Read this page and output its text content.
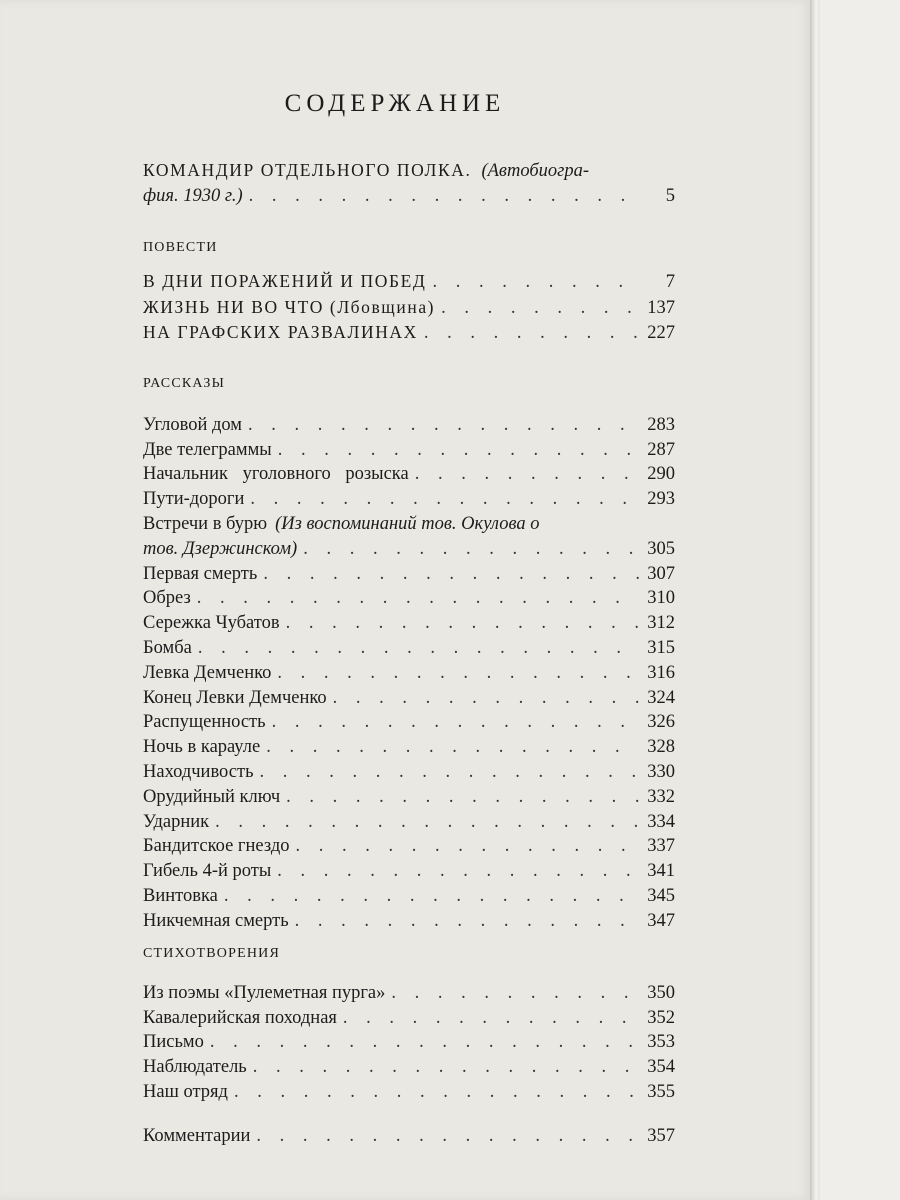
СОДЕРЖАНИЕ
КОМАНДИР ОТДЕЛЬНОГО ПОЛКА. (Автобиогра-
фия. 1930 г.) . . .	5
ПОВЕСТИ
В ДНИ ПОРАЖЕНИЙ И ПОБЕД . . .	7
ЖИЗНЬ НИ ВО ЧТО (Лбовщина) . . .	137
НА ГРАФСКИХ РАЗВАЛИНАХ . . .	227
РАССКАЗЫ
Угловой дом . . .	283
Две телеграммы . . .	287
Начальник уголовного розыска . . .	290
Пути-дороги . . .	293
Встречи в бурю (Из воспоминаний тов. Окулова о
тов. Дзержинском) . . .	305
Первая смерть . . .	307
Обрез . . .	310
Сережка Чубатов . . .	312
Бомба . . .	315
Левка Демченко . . .	316
Конец Левки Демченко . . .	324
Распущенность . . .	326
Ночь в карауле . . .	328
Находчивость . . .	330
Орудийный ключ . . .	332
Ударник . . .	334
Бандитское гнездо . . .	337
Гибель 4-й роты . . .	341
Винтовка . . .	345
Никчемная смерть . . .	347
СТИХОТВОРЕНИЯ
Из поэмы «Пулеметная пурга» . . .	350
Кавалерийская походная . . .	352
Письмо . . .	353
Наблюдатель . . .	354
Наш отряд . . .	355
Комментарии . . .	357
